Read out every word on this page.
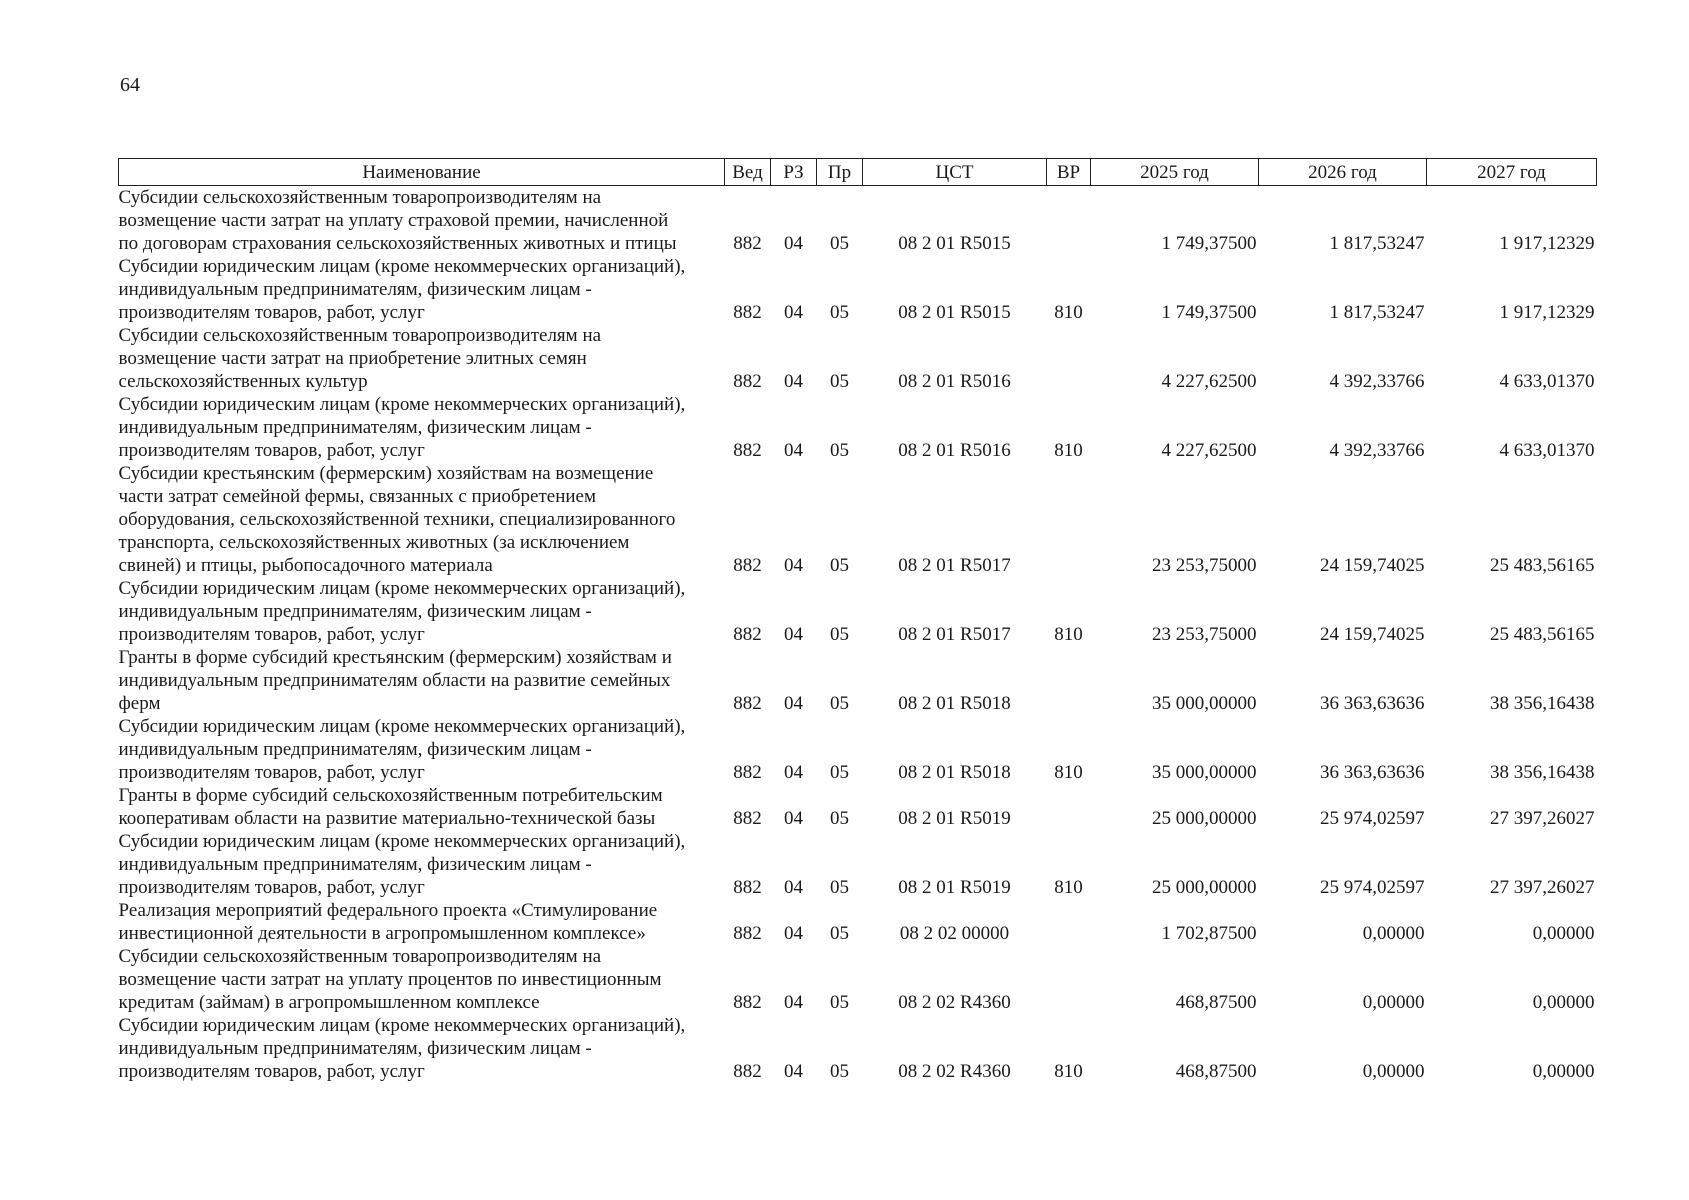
64
Наименование	Вед	РЗ	Пр	ЦСТ	ВР	2025 год	2026 год	2027 год

Субсидии сельскохозяйственным товаропроизводителям на
возмещение части затрат на уплату страховой премии, начисленной
по договорам страхования сельскохозяйственных животных и птицы	882	04	05	08 2 01 R5015		1 749,37500	1 817,53247	1 917,12329

Субсидии юридическим лицам (кроме некоммерческих организаций),
индивидуальным предпринимателям, физическим лицам -
производителям товаров, работ, услуг	882	04	05	08 2 01 R5015	810	1 749,37500	1 817,53247	1 917,12329

Субсидии сельскохозяйственным товаропроизводителям на
возмещение части затрат на приобретение элитных семян
сельскохозяйственных культур	882	04	05	08 2 01 R5016		4 227,62500	4 392,33766	4 633,01370

Субсидии юридическим лицам (кроме некоммерческих организаций),
индивидуальным предпринимателям, физическим лицам -
производителям товаров, работ, услуг	882	04	05	08 2 01 R5016	810	4 227,62500	4 392,33766	4 633,01370

Субсидии крестьянским (фермерским) хозяйствам на возмещение
части затрат семейной фермы, связанных с приобретением
оборудования, сельскохозяйственной техники, специализированного
транспорта, сельскохозяйственных животных (за исключением
свиней) и птицы, рыбопосадочного материала	882	04	05	08 2 01 R5017		23 253,75000	24 159,74025	25 483,56165

Субсидии юридическим лицам (кроме некоммерческих организаций),
индивидуальным предпринимателям, физическим лицам -
производителям товаров, работ, услуг	882	04	05	08 2 01 R5017	810	23 253,75000	24 159,74025	25 483,56165

Гранты в форме субсидий крестьянским (фермерским) хозяйствам и
индивидуальным предпринимателям области на развитие семейных
ферм	882	04	05	08 2 01 R5018		35 000,00000	36 363,63636	38 356,16438

Субсидии юридическим лицам (кроме некоммерческих организаций),
индивидуальным предпринимателям, физическим лицам -
производителям товаров, работ, услуг	882	04	05	08 2 01 R5018	810	35 000,00000	36 363,63636	38 356,16438

Гранты в форме субсидий сельскохозяйственным потребительским
кооперативам области на развитие материально-технической базы	882	04	05	08 2 01 R5019		25 000,00000	25 974,02597	27 397,26027

Субсидии юридическим лицам (кроме некоммерческих организаций),
индивидуальным предпринимателям, физическим лицам -
производителям товаров, работ, услуг	882	04	05	08 2 01 R5019	810	25 000,00000	25 974,02597	27 397,26027

Реализация мероприятий федерального проекта «Стимулирование
инвестиционной деятельности в агропромышленном комплексе»	882	04	05	08 2 02 00000		1 702,87500	0,00000	0,00000

Субсидии сельскохозяйственным товаропроизводителям на
возмещение части затрат на уплату процентов по инвестиционным
кредитам (займам) в агропромышленном комплексе	882	04	05	08 2 02 R4360		468,87500	0,00000	0,00000

Субсидии юридическим лицам (кроме некоммерческих организаций),
индивидуальным предпринимателям, физическим лицам -
производителям товаров, работ, услуг	882	04	05	08 2 02 R4360	810	468,87500	0,00000	0,00000
